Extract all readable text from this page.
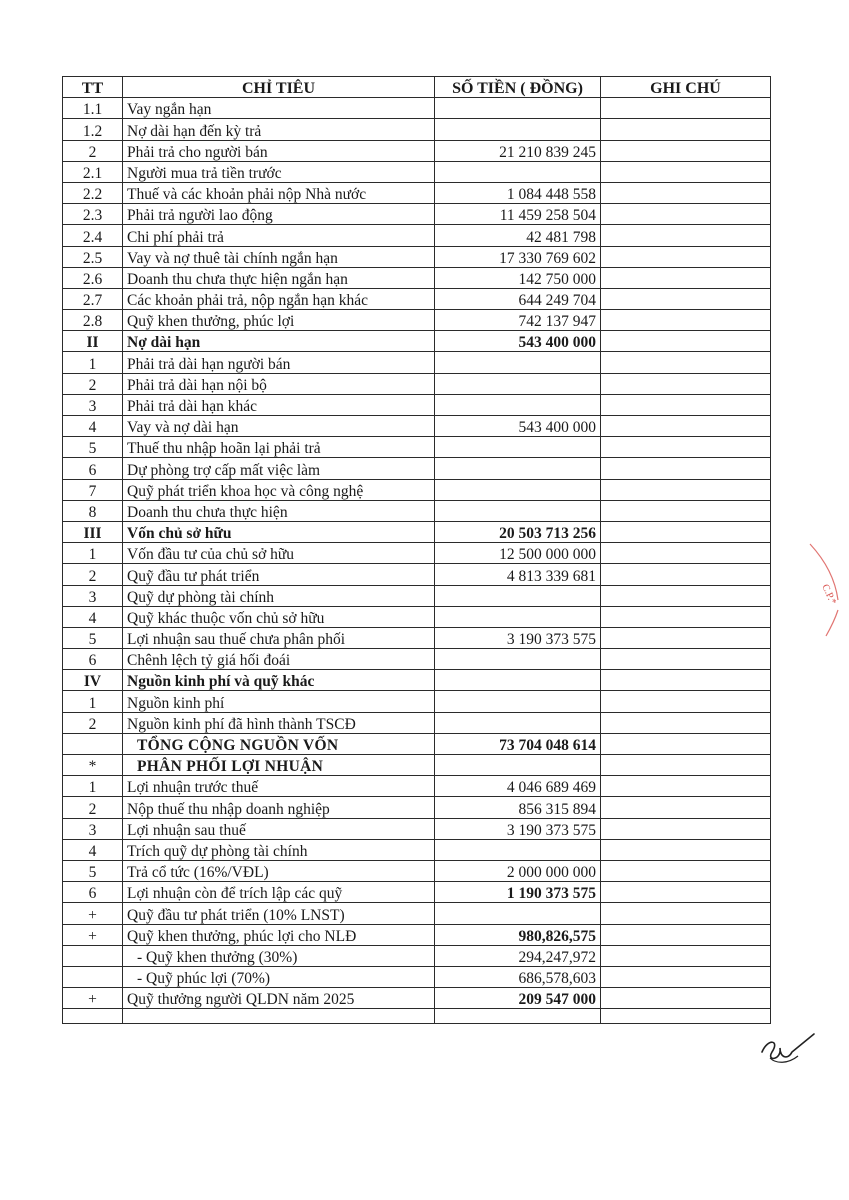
TT	CHỈ TIÊU	SỐ TIỀN ( ĐỒNG)	GHI CHÚ
1.1	Vay ngắn hạn		
1.2	Nợ dài hạn đến kỳ trả		
2	Phải trả cho người bán	21 210 839 245	
2.1	Người mua trả tiền trước		
2.2	Thuế và các khoản phải nộp Nhà nước	1 084 448 558	
2.3	Phải trả người lao động	11 459 258 504	
2.4	Chi phí phải trả	42 481 798	
2.5	Vay và nợ thuê tài chính ngắn hạn	17 330 769 602	
2.6	Doanh thu chưa thực hiện ngắn hạn	142 750 000	
2.7	Các khoản phải trả, nộp ngắn hạn khác	644 249 704	
2.8	Quỹ khen thưởng, phúc lợi	742 137 947	
II	Nợ dài hạn	543 400 000	
1	Phải trả dài hạn người bán		
2	Phải trả dài hạn nội bộ		
3	Phải trả dài hạn khác		
4	Vay và nợ dài hạn	543 400 000	
5	Thuế thu nhập hoãn lại phải trả		
6	Dự phòng trợ cấp mất việc làm		
7	Quỹ phát triển khoa học và công nghệ		
8	Doanh thu chưa thực hiện		
III	Vốn chủ sở hữu	20 503 713 256	
1	Vốn đầu tư của chủ sở hữu	12 500 000 000	
2	Quỹ đầu tư phát triển	4 813 339 681	
3	Quỹ dự phòng tài chính		
4	Quỹ khác thuộc vốn chủ sở hữu		
5	Lợi nhuận sau thuế chưa phân phối	3 190 373 575	
6	Chênh lệch tỷ giá hối đoái		
IV	Nguồn kinh phí và quỹ khác		
1	Nguồn kinh phí		
2	Nguồn kinh phí đã hình thành TSCĐ		
	TỔNG CỘNG NGUỒN VỐN	73 704 048 614	
*	PHÂN PHỐI LỢI NHUẬN		
1	Lợi nhuận trước thuế	4 046 689 469	
2	Nộp thuế thu nhập doanh nghiệp	856 315 894	
3	Lợi nhuận sau thuế	3 190 373 575	
4	Trích quỹ dự phòng tài chính		
5	Trả cổ tức (16%/VĐL)	2 000 000 000	
6	Lợi nhuận còn để trích lập các quỹ	1 190 373 575	
+	Quỹ đầu tư phát triển (10% LNST)		
+	Quỹ khen thưởng, phúc lợi cho NLĐ	980,826,575	
	- Quỹ khen thưởng (30%)	294,247,972	
	- Quỹ phúc lợi (70%)	686,578,603	
+	Quỹ thưởng người QLDN năm 2025	209 547 000	

C.P.*
